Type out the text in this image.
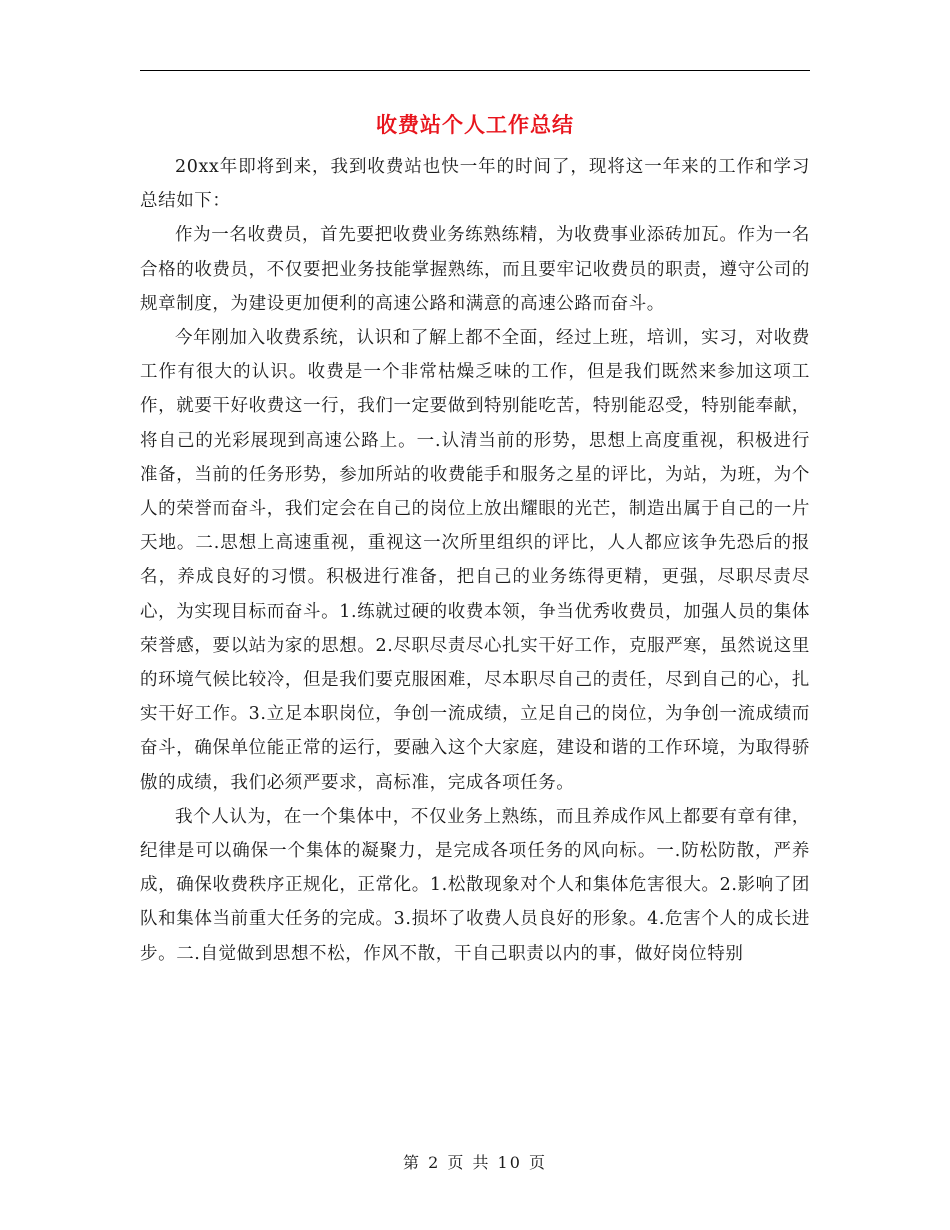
收费站个人工作总结

20xx年即将到来，我到收费站也快一年的时间了，现将这一年来的工作和学习总结如下：

作为一名收费员，首先要把收费业务练熟练精，为收费事业添砖加瓦。作为一名合格的收费员，不仅要把业务技能掌握熟练，而且要牢记收费员的职责，遵守公司的规章制度，为建设更加便利的高速公路和满意的高速公路而奋斗。

今年刚加入收费系统，认识和了解上都不全面，经过上班，培训，实习，对收费工作有很大的认识。收费是一个非常枯燥乏味的工作，但是我们既然来参加这项工作，就要干好收费这一行，我们一定要做到特别能吃苦，特别能忍受，特别能奉献，将自己的光彩展现到高速公路上。一.认清当前的形势，思想上高度重视，积极进行准备，当前的任务形势，参加所站的收费能手和服务之星的评比，为站，为班，为个人的荣誉而奋斗，我们定会在自己的岗位上放出耀眼的光芒，制造出属于自己的一片天地。二.思想上高速重视，重视这一次所里组织的评比，人人都应该争先恐后的报名，养成良好的习惯。积极进行准备，把自己的业务练得更精，更强，尽职尽责尽心，为实现目标而奋斗。1.练就过硬的收费本领，争当优秀收费员，加强人员的集体荣誉感，要以站为家的思想。2.尽职尽责尽心扎实干好工作，克服严寒，虽然说这里的环境气候比较冷，但是我们要克服困难，尽本职尽自己的责任，尽到自己的心，扎实干好工作。3.立足本职岗位，争创一流成绩，立足自己的岗位，为争创一流成绩而奋斗，确保单位能正常的运行，要融入这个大家庭，建设和谐的工作环境，为取得骄傲的成绩，我们必须严要求，高标准，完成各项任务。

我个人认为，在一个集体中，不仅业务上熟练，而且养成作风上都要有章有律，纪律是可以确保一个集体的凝聚力，是完成各项任务的风向标。一.防松防散，严养成，确保收费秩序正规化，正常化。1.松散现象对个人和集体危害很大。2.影响了团队和集体当前重大任务的完成。3.损坏了收费人员良好的形象。4.危害个人的成长进步。二.自觉做到思想不松，作风不散，干自己职责以内的事，做好岗位特别

第 2 页 共 10 页
